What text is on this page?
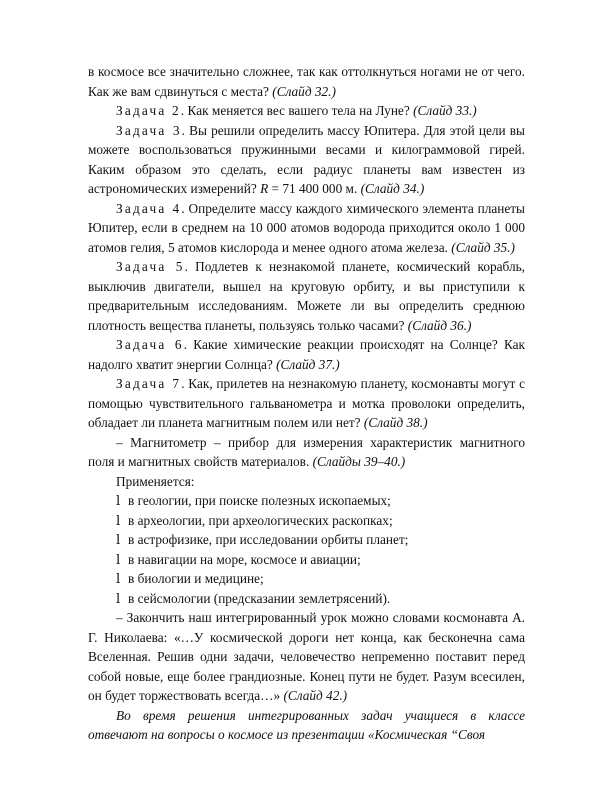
в космосе все значительно сложнее, так как оттолкнуться ногами не от чего. Как же вам сдвинуться с места? (Слайд 32.)

Задача 2. Как меняется вес вашего тела на Луне? (Слайд 33.)

Задача 3. Вы решили определить массу Юпитера. Для этой цели вы можете воспользоваться пружинными весами и килограммовой гирей. Каким образом это сделать, если радиус планеты вам известен из астрономических измерений? R = 71 400 000 м. (Слайд 34.)

Задача 4. Определите массу каждого химического элемента планеты Юпитер, если в среднем на 10 000 атомов водорода приходится около 1 000 атомов гелия, 5 атомов кислорода и менее одного атома железа. (Слайд 35.)

Задача 5. Подлетев к незнакомой планете, космический корабль, выключив двигатели, вышел на круговую орбиту, и вы приступили к предварительным исследованиям. Можете ли вы определить среднюю плотность вещества планеты, пользуясь только часами? (Слайд 36.)

Задача 6. Какие химические реакции происходят на Солнце? Как надолго хватит энергии Солнца? (Слайд 37.)

Задача 7. Как, прилетев на незнакомую планету, космонавты могут с помощью чувствительного гальванометра и мотка проволоки определить, обладает ли планета магнитным полем или нет? (Слайд 38.)

– Магнитометр – прибор для измерения характеристик магнитного поля и магнитных свойств материалов. (Слайды 39–40.)

Применяется:

ⅼ в геологии, при поиске полезных ископаемых;

ⅼ в археологии, при археологических раскопках;

ⅼ в астрофизике, при исследовании орбиты планет;

ⅼ в навигации на море, космосе и авиации;

ⅼ в биологии и медицине;

ⅼ в сейсмологии (предсказании землетрясений).

– Закончить наш интегрированный урок можно словами космонавта А. Г. Николаева: «…У космической дороги нет конца, как бесконечна сама Вселенная. Решив одни задачи, человечество непременно поставит перед собой новые, еще более грандиозные. Конец пути не будет. Разум всесилен, он будет торжествовать всегда…» (Слайд 42.)

Во время решения интегрированных задач учащиеся в классе отвечают на вопросы о космосе из презентации «Космическая “Своя
